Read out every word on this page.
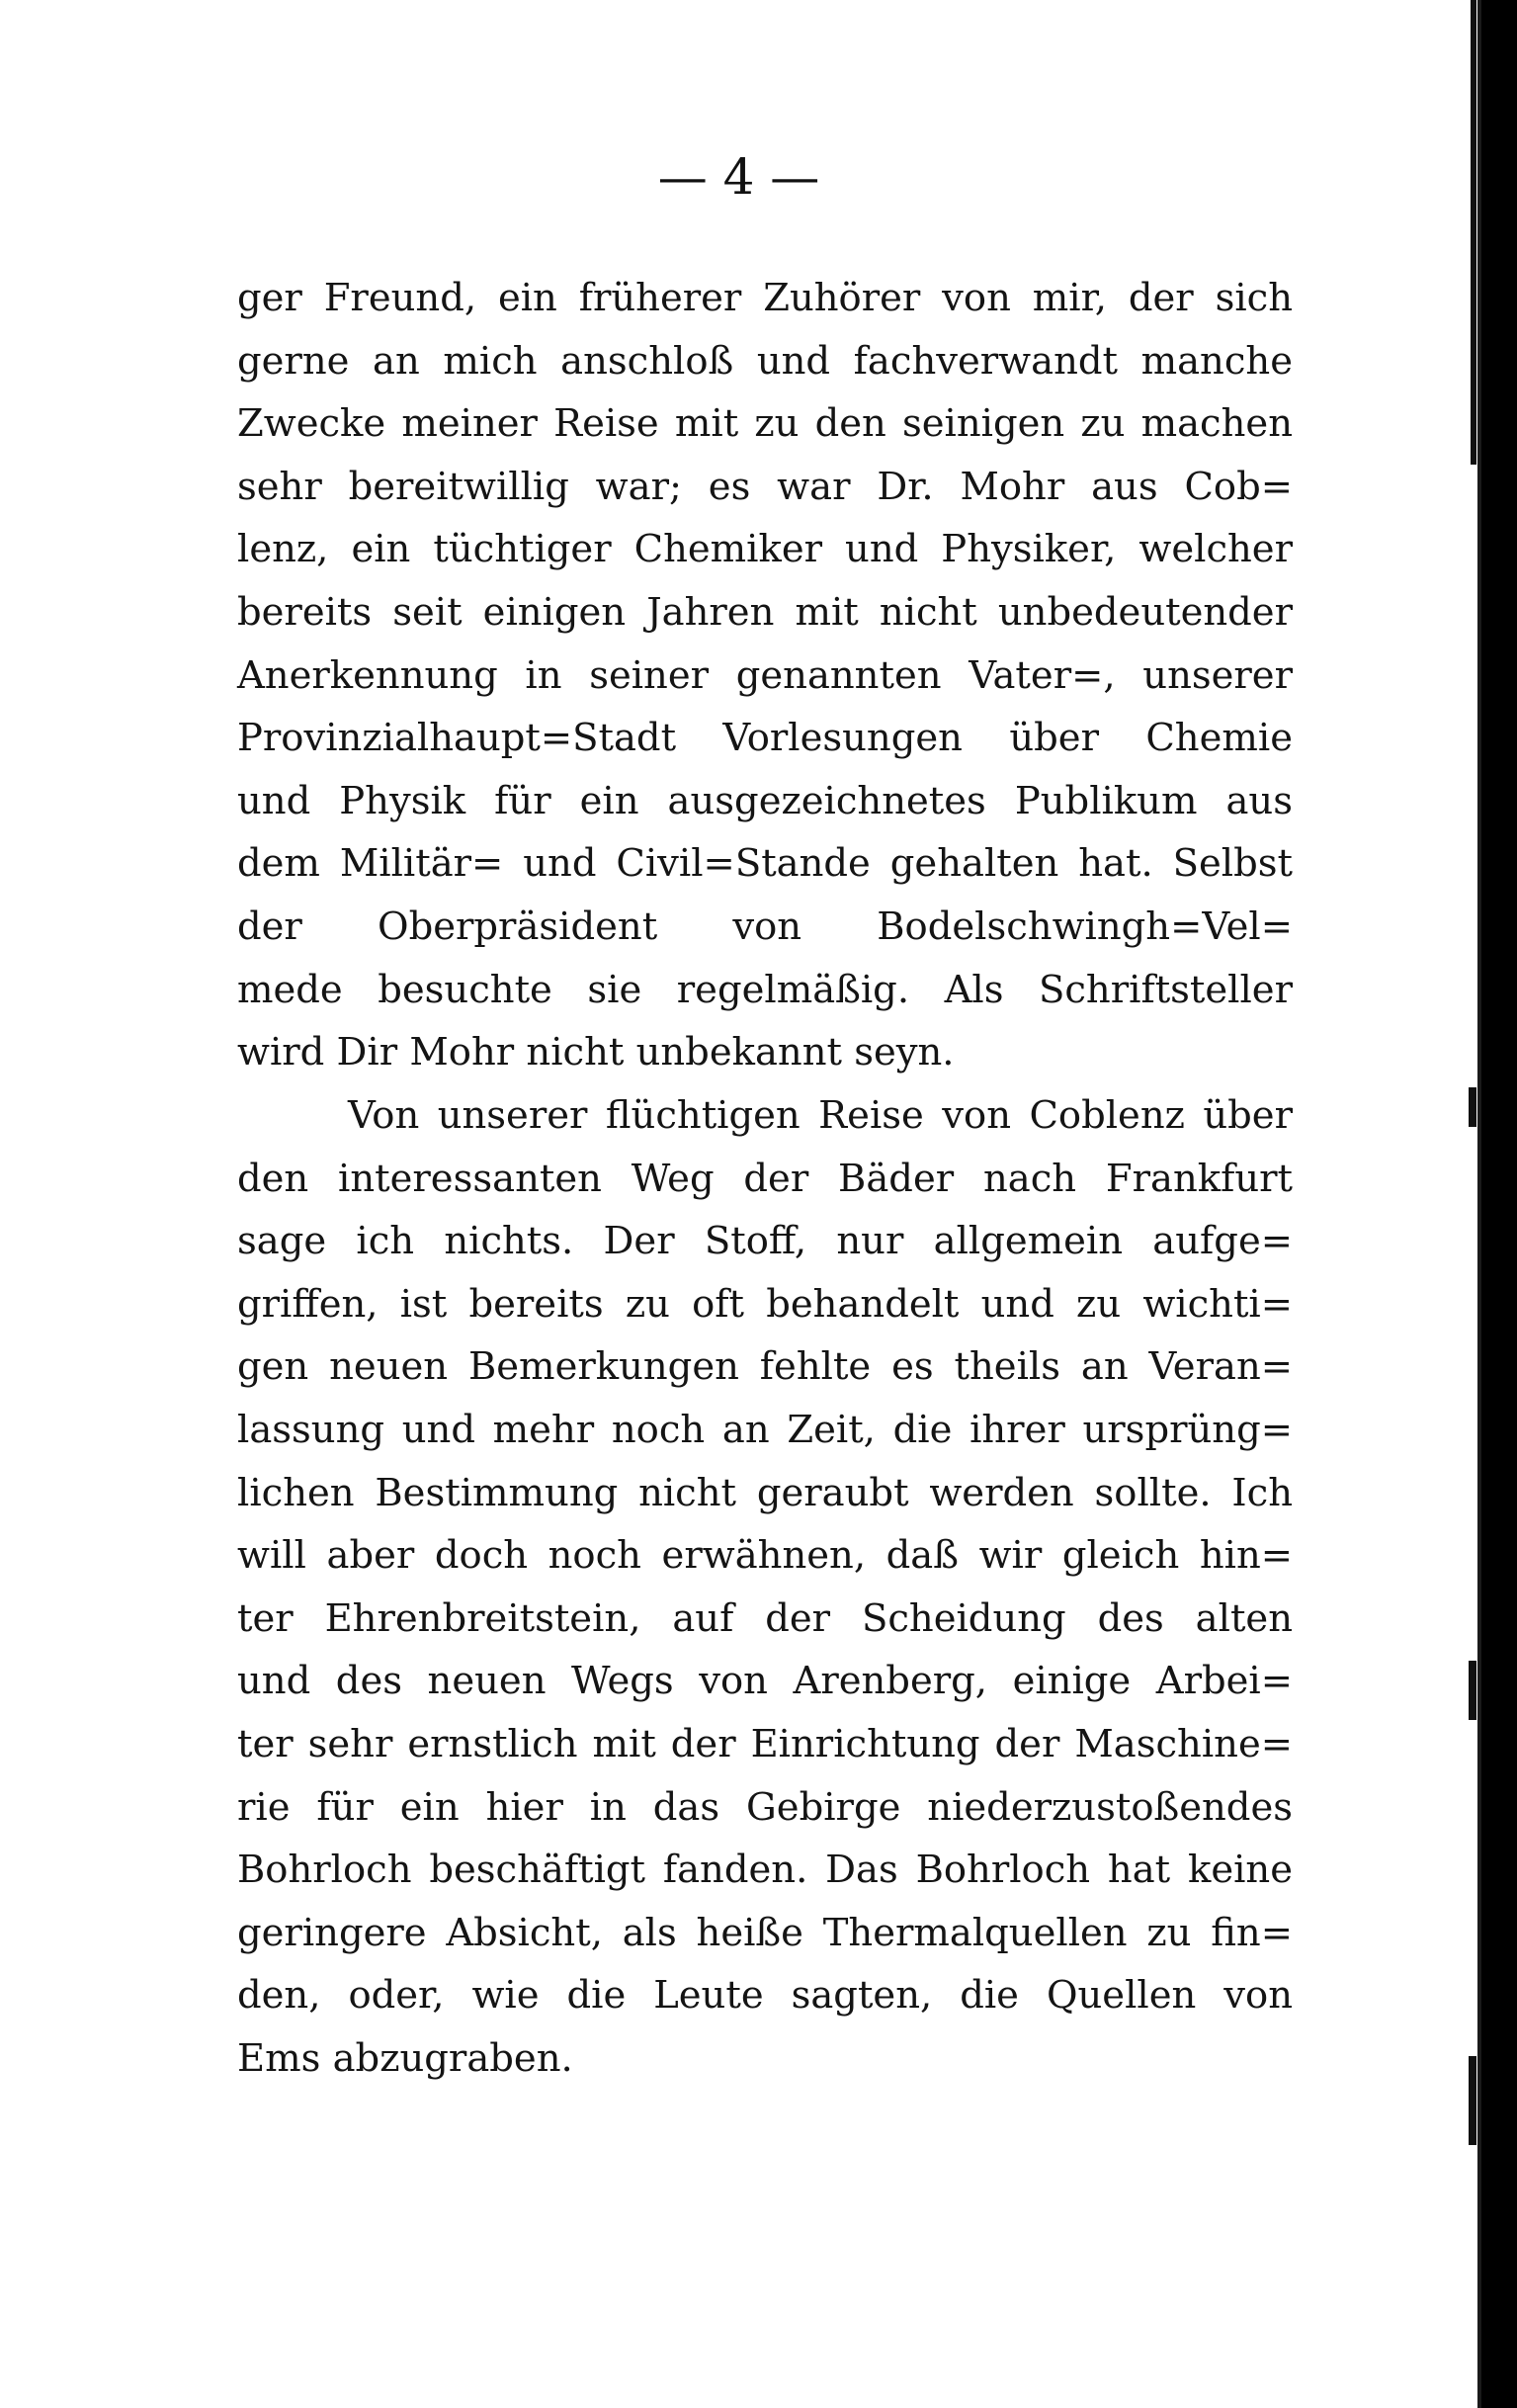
— 4 —
ger Freund, ein früherer Zuhörer von mir, der sich
gerne an mich anschloß und fachverwandt manche
Zwecke meiner Reise mit zu den seinigen zu machen
sehr bereitwillig war; es war Dr. Mohr aus Cob=
lenz, ein tüchtiger Chemiker und Physiker, welcher
bereits seit einigen Jahren mit nicht unbedeutender
Anerkennung in seiner genannten Vater=, unserer
Provinzialhaupt=Stadt Vorlesungen über Chemie
und Physik für ein ausgezeichnetes Publikum aus
dem Militär= und Civil=Stande gehalten hat. Selbst
der Oberpräsident von Bodelschwingh=Vel=
mede besuchte sie regelmäßig. Als Schriftsteller
wird Dir Mohr nicht unbekannt seyn.
Von unserer flüchtigen Reise von Coblenz über
den interessanten Weg der Bäder nach Frankfurt
sage ich nichts. Der Stoff, nur allgemein aufge=
griffen, ist bereits zu oft behandelt und zu wichti=
gen neuen Bemerkungen fehlte es theils an Veran=
lassung und mehr noch an Zeit, die ihrer ursprüng=
lichen Bestimmung nicht geraubt werden sollte. Ich
will aber doch noch erwähnen, daß wir gleich hin=
ter Ehrenbreitstein, auf der Scheidung des alten
und des neuen Wegs von Arenberg, einige Arbei=
ter sehr ernstlich mit der Einrichtung der Maschine=
rie für ein hier in das Gebirge niederzustoßendes
Bohrloch beschäftigt fanden. Das Bohrloch hat keine
geringere Absicht, als heiße Thermalquellen zu fin=
den, oder, wie die Leute sagten, die Quellen von
Ems abzugraben.
